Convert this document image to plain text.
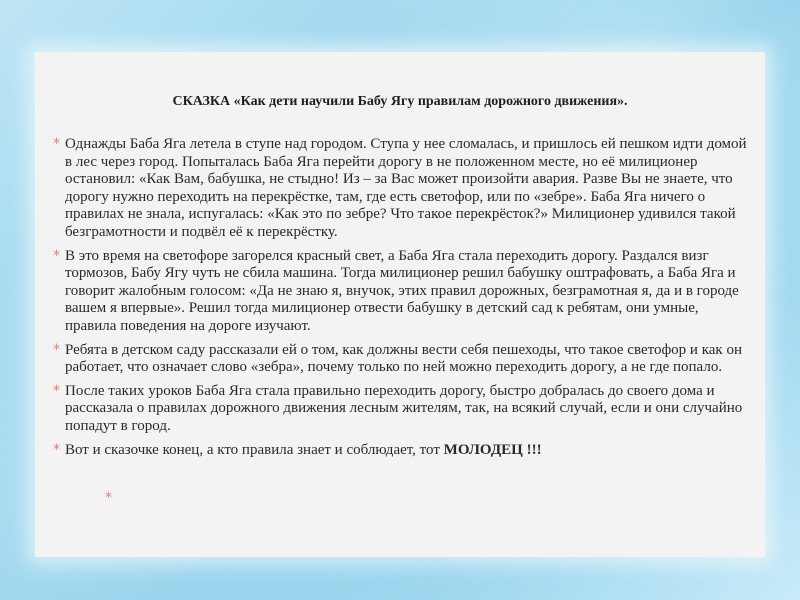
СКАЗКА «Как дети научили Бабу Ягу правилам дорожного движения».
* Однажды Баба Яга летела в ступе над городом. Ступа у нее сломалась, и пришлось ей пешком идти домой в лес через город. Попыталась Баба Яга перейти дорогу в не положенном месте, но её милиционер остановил: «Как Вам, бабушка, не стыдно! Из – за Вас может произойти авария. Разве Вы не знаете, что дорогу нужно переходить на перекрёстке, там, где есть светофор, или по «зебре». Баба Яга ничего о правилах не знала, испугалась: «Как это по зебре? Что такое перекрёсток?» Милиционер удивился такой безграмотности и подвёл её к перекрёстку.
* В это время на светофоре загорелся красный свет, а Баба Яга стала переходить дорогу. Раздался визг тормозов, Бабу Ягу чуть не сбила машина. Тогда милиционер решил бабушку оштрафовать, а Баба Яга и говорит жалобным голосом: «Да не знаю я, внучок, этих правил дорожных, безграмотная я, да и в городе вашем я впервые». Решил тогда милиционер отвести бабушку в детский сад к ребятам, они умные, правила поведения на дороге изучают.
* Ребята в детском саду рассказали ей о том, как должны вести себя пешеходы, что такое светофор и как он работает, что означает слово «зебра», почему только по ней можно переходить дорогу, а не где попало.
* После таких уроков Баба Яга стала правильно переходить дорогу, быстро добралась до своего дома и рассказала о правилах дорожного движения лесным жителям, так, на всякий случай, если и они случайно попадут в город.
* Вот и сказочке конец, а кто правила знает и соблюдает, тот МОЛОДЕЦ !!!
*
